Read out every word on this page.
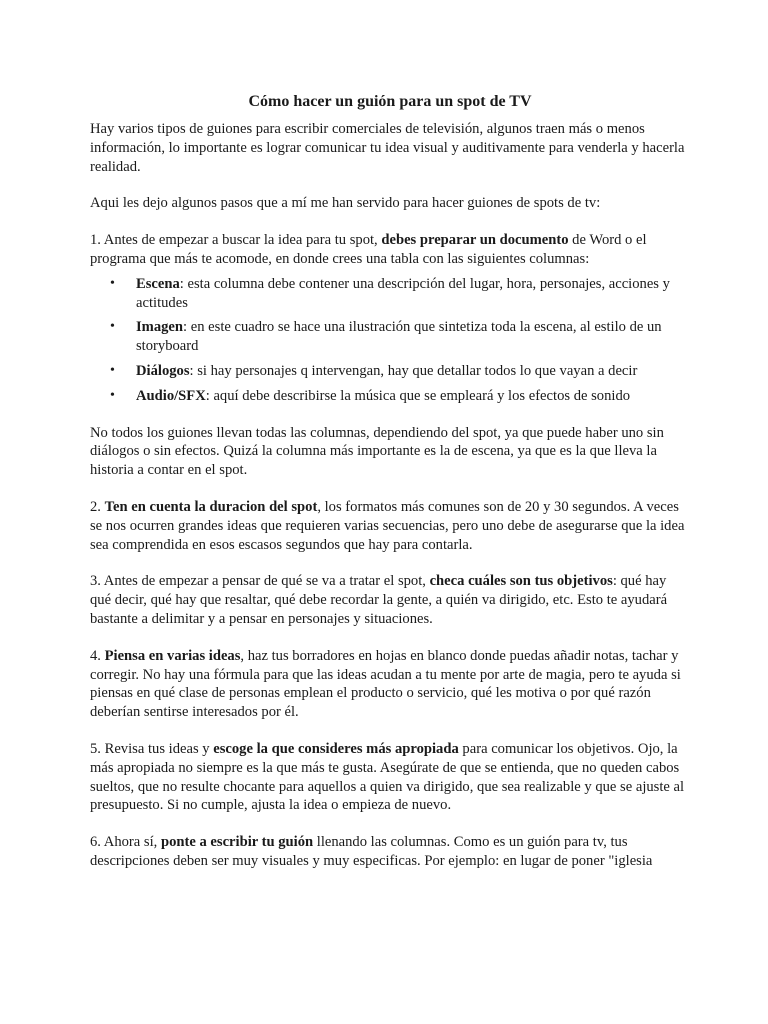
Cómo hacer un guión para un spot de TV

Hay varios tipos de guiones para escribir comerciales de televisión, algunos traen más o menos información, lo importante es lograr comunicar tu idea visual y auditivamente para venderla y hacerla realidad.

Aqui les dejo algunos pasos que a mí me han servido para hacer guiones de spots de tv:

1. Antes de empezar a buscar la idea para tu spot, debes preparar un documento de Word o el programa que más te acomode, en donde crees una tabla con las siguientes columnas:

• Escena: esta columna debe contener una descripción del lugar, hora, personajes, acciones y actitudes
• Imagen: en este cuadro se hace una ilustración que sintetiza toda la escena, al estilo de un storyboard
• Diálogos: si hay personajes q intervengan, hay que detallar todos lo que vayan a decir
• Audio/SFX: aquí debe describirse la música que se empleará y los efectos de sonido

No todos los guiones llevan todas las columnas, dependiendo del spot, ya que puede haber uno sin diálogos o sin efectos. Quizá la columna más importante es la de escena, ya que es la que lleva la historia a contar en el spot.

2. Ten en cuenta la duracion del spot, los formatos más comunes son de 20 y 30 segundos. A veces se nos ocurren grandes ideas que requieren varias secuencias, pero uno debe de asegurarse que la idea sea comprendida en esos escasos segundos que hay para contarla.

3. Antes de empezar a pensar de qué se va a tratar el spot, checa cuáles son tus objetivos: qué hay qué decir, qué hay que resaltar, qué debe recordar la gente, a quién va dirigido, etc. Esto te ayudará bastante a delimitar y a pensar en personajes y situaciones.

4. Piensa en varias ideas, haz tus borradores en hojas en blanco donde puedas añadir notas, tachar y corregir. No hay una fórmula para que las ideas acudan a tu mente por arte de magia, pero te ayuda si piensas en qué clase de personas emplean el producto o servicio, qué les motiva o por qué razón deberían sentirse interesados por él.

5. Revisa tus ideas y escoge la que consideres más apropiada para comunicar los objetivos. Ojo, la más apropiada no siempre es la que más te gusta. Asegúrate de que se entienda, que no queden cabos sueltos, que no resulte chocante para aquellos a quien va dirigido, que sea realizable y que se ajuste al presupuesto. Si no cumple, ajusta la idea o empieza de nuevo.

6. Ahora sí, ponte a escribir tu guión llenando las columnas. Como es un guión para tv, tus descripciones deben ser muy visuales y muy especificas. Por ejemplo: en lugar de poner "iglesia
